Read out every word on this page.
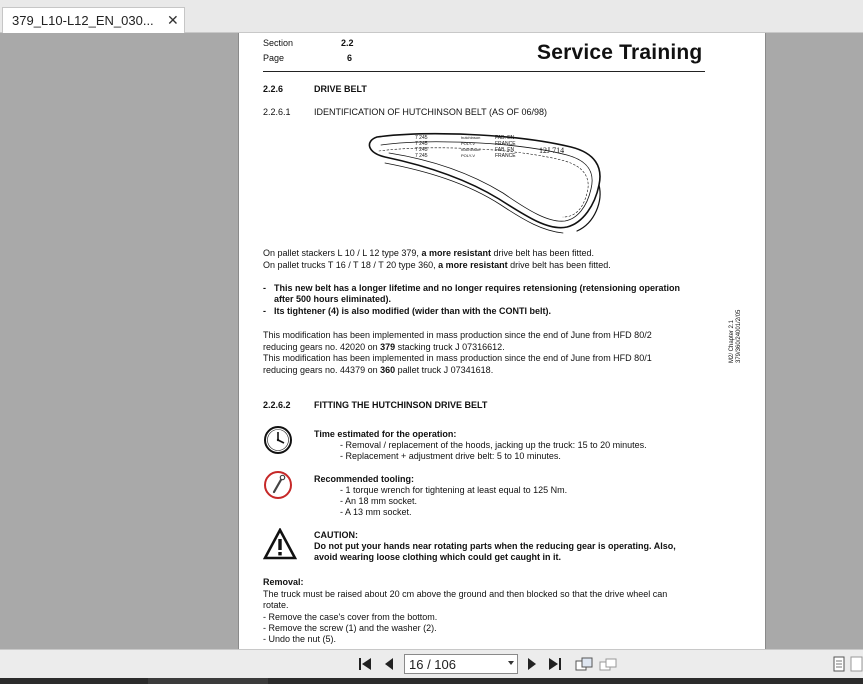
379_L10-L12_EN_030... ✕
Section	2.2
Page	6	Service Training
2.2.6	DRIVE BELT
2.2.6.1	IDENTIFICATION OF HUTCHINSON BELT (AS OF 06/98)
7 245
7 245
7 245
7 245
hutchinson
POLY-V
hutchinson
POLY-V
FAB. EN
FRANCE
FAB. EN
FRANCE
12J 714
On pallet stackers L 10 / L 12 type 379, a more resistant drive belt has been fitted.
On pallet trucks T 16 / T 18 / T 20 type 360, a more resistant drive belt has been fitted.
- This new belt has a longer lifetime and no longer requires retensioning (retensioning operation
after 500 hours eliminated).
- Its tightener (4) is also modified (wider than with the CONTI belt).
This modification has been implemented in mass production since the end of June from HFD 80/2
reducing gears no. 42020 on 379 stacking truck J 07316612.
This modification has been implemented in mass production since the end of June from HFD 80/1
reducing gears no. 44379 on 360 pallet truck J 07341618.
2.2.6.2	FITTING THE HUTCHINSON DRIVE BELT
Time estimated for the operation:
- Removal / replacement of the hoods, jacking up the truck: 15 to 20 minutes.
- Replacement + adjustment drive belt: 5 to 10 minutes.
Recommended tooling:
- 1 torque wrench for tightening at least equal to 125 Nm.
- An 18 mm socket.
- A 13 mm socket.
CAUTION:
Do not put your hands near rotating parts when the reducing gear is operating. Also,
avoid wearing loose clothing which could get caught in it.
Removal:
The truck must be raised about 20 cm above the ground and then blocked so that the drive wheel can
rotate.
- Remove the case's cover from the bottom.
- Remove the screw (1) and the washer (2).
- Undo the nut (5).
M2/ Chapter 2.1 379/360/24001/2/05
16 / 106
